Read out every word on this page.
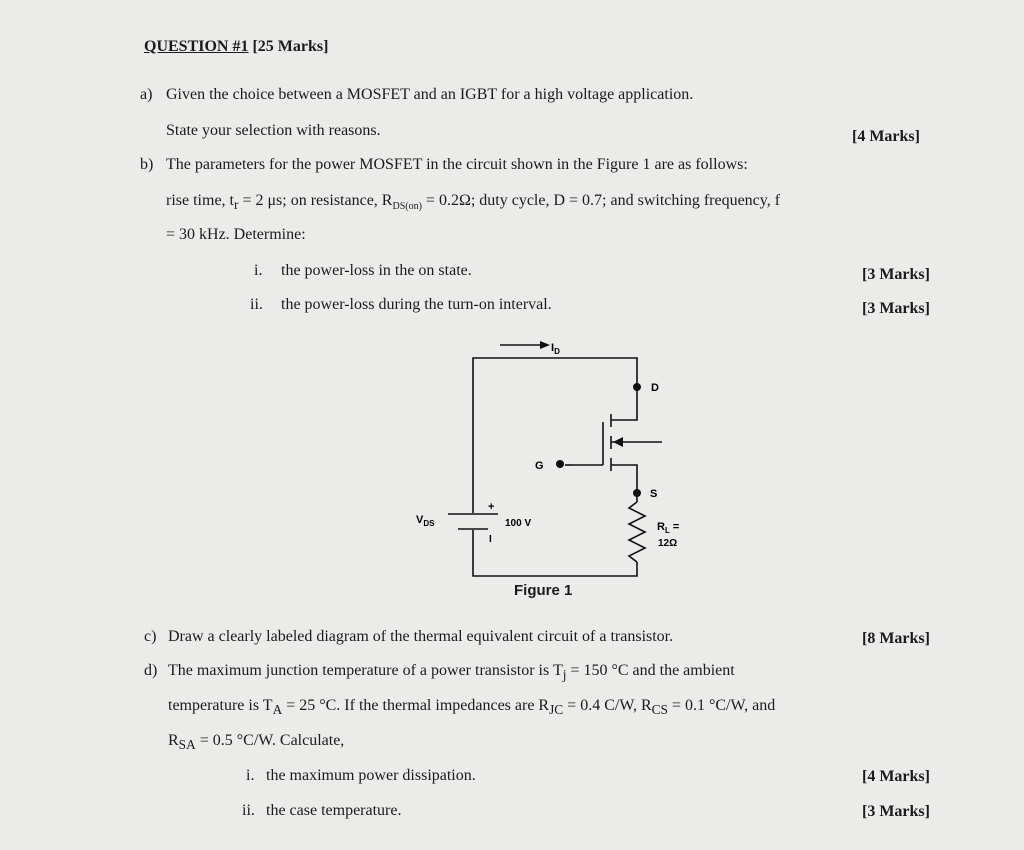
QUESTION #1 [25 Marks]
a) Given the choice between a MOSFET and an IGBT for a high voltage application.
State your selection with reasons.	[4 Marks]
b) The parameters for the power MOSFET in the circuit shown in the Figure 1 are as follows:
rise time, $t_r = 2$ μs; on resistance, $R_{DS(on)} = 0.2\Omega$; duty cycle, D = 0.7; and switching frequency, f
= 30 kHz. Determine:
i. the power-loss in the on state.	[3 Marks]
ii. the power-loss during the turn-on interval.	[3 Marks]
$I_D$
D
G
S
+
I
$V_{DS}$	100 V	$R_L$ =
12Ω
Figure 1
c) Draw a clearly labeled diagram of the thermal equivalent circuit of a transistor.	[8 Marks]
d) The maximum junction temperature of a power transistor is $T_j = 150$ °C and the ambient
temperature is $T_A = 25$ °C. If the thermal impedances are $R_{JC} = 0.4$ C/W, $R_{CS} = 0.1$ °C/W, and
$R_{SA} = 0.5$ °C/W. Calculate,
i. the maximum power dissipation.	[4 Marks]
ii. the case temperature.	[3 Marks]
